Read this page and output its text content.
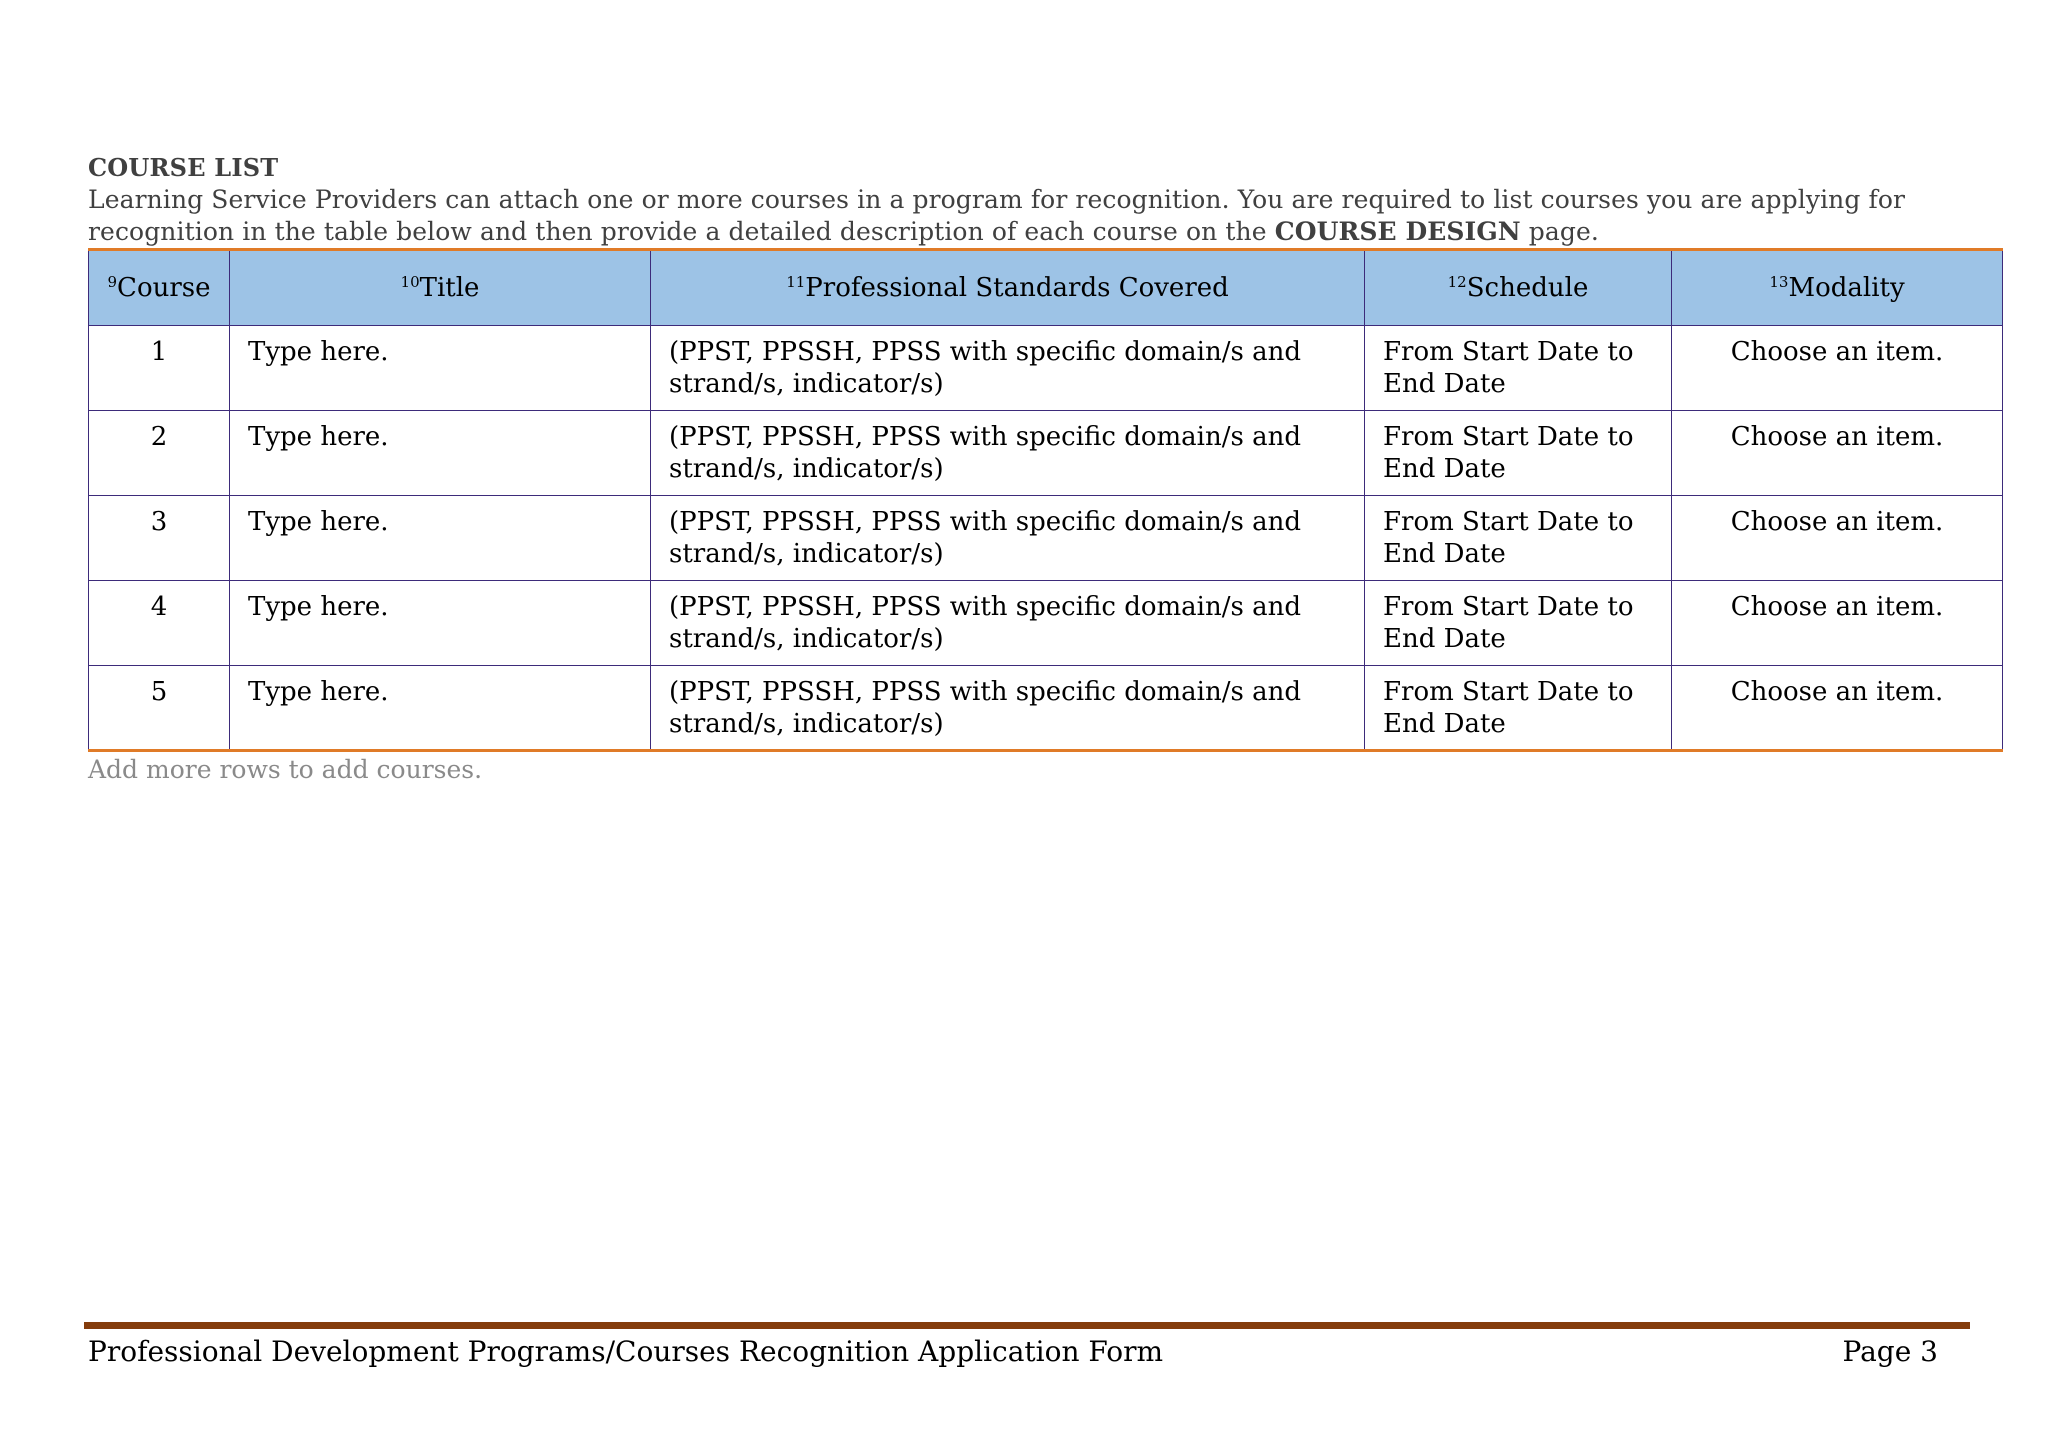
COURSE LIST
Learning Service Providers can attach one or more courses in a program for recognition. You are required to list courses you are applying for recognition in the table below and then provide a detailed description of each course on the COURSE DESIGN page.
$^9$Course	$^{10}$Title	$^{11}$Professional Standards Covered	$^{12}$Schedule	$^{13}$Modality
1	Type here.	(PPST, PPSSH, PPSS with specific domain/s and strand/s, indicator/s)	From Start Date to End Date	Choose an item.
2	Type here.	(PPST, PPSSH, PPSS with specific domain/s and strand/s, indicator/s)	From Start Date to End Date	Choose an item.
3	Type here.	(PPST, PPSSH, PPSS with specific domain/s and strand/s, indicator/s)	From Start Date to End Date	Choose an item.
4	Type here.	(PPST, PPSSH, PPSS with specific domain/s and strand/s, indicator/s)	From Start Date to End Date	Choose an item.
5	Type here.	(PPST, PPSSH, PPSS with specific domain/s and strand/s, indicator/s)	From Start Date to End Date	Choose an item.
Add more rows to add courses.
Professional Development Programs/Courses Recognition Application Form	Page 3
